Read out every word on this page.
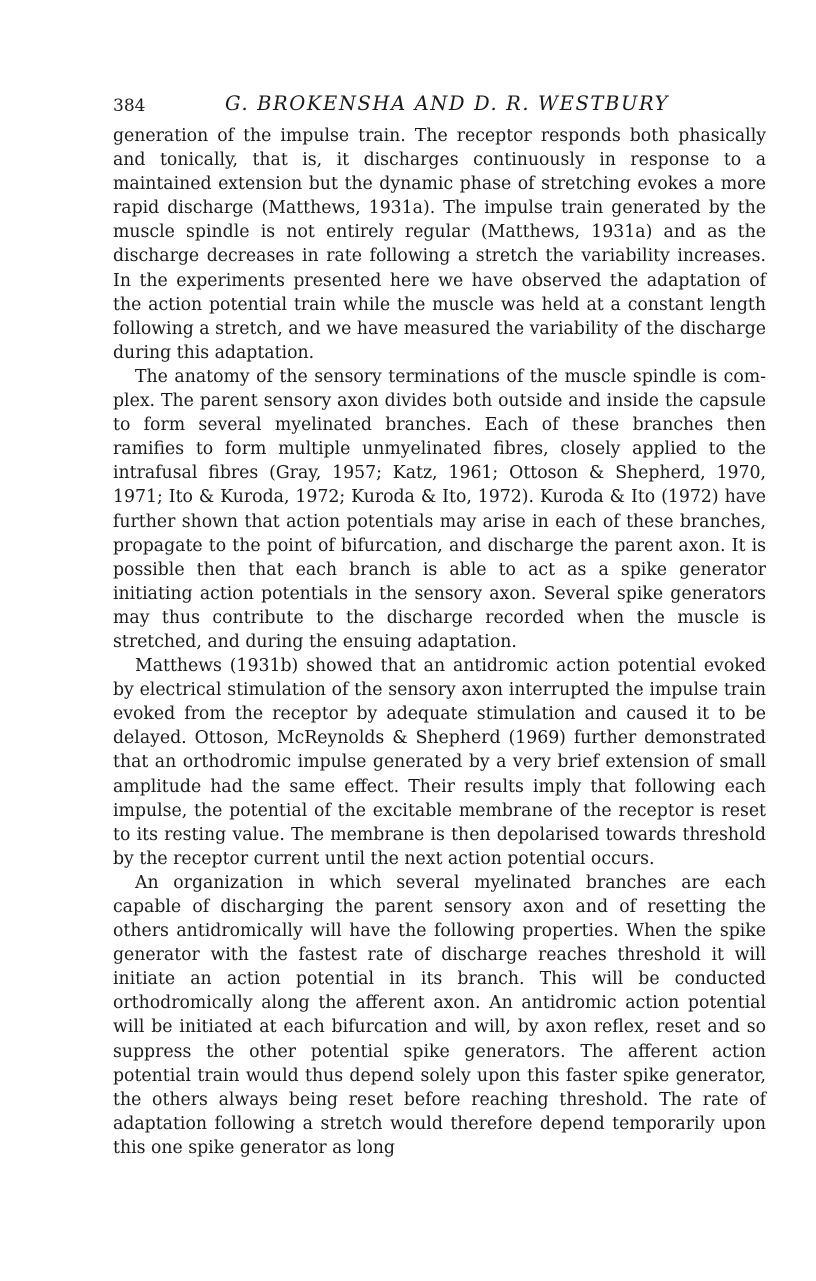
384	G. BROKENSHA AND D. R. WESTBURY

generation of the impulse train. The receptor responds both phasically and tonically, that is, it discharges continuously in response to a maintained extension but the dynamic phase of stretching evokes a more rapid discharge (Matthews, 1931a). The impulse train generated by the muscle spindle is not entirely regular (Matthews, 1931a) and as the discharge decreases in rate following a stretch the variability increases. In the experiments presented here we have observed the adaptation of the action potential train while the muscle was held at a constant length following a stretch, and we have measured the variability of the discharge during this adaptation.

The anatomy of the sensory terminations of the muscle spindle is complex. The parent sensory axon divides both outside and inside the capsule to form several myelinated branches. Each of these branches then ramifies to form multiple unmyelinated fibres, closely applied to the intrafusal fibres (Gray, 1957; Katz, 1961; Ottoson & Shepherd, 1970, 1971; Ito & Kuroda, 1972; Kuroda & Ito, 1972). Kuroda & Ito (1972) have further shown that action potentials may arise in each of these branches, propagate to the point of bifurcation, and discharge the parent axon. It is possible then that each branch is able to act as a spike generator initiating action potentials in the sensory axon. Several spike generators may thus contribute to the discharge recorded when the muscle is stretched, and during the ensuing adaptation.

Matthews (1931b) showed that an antidromic action potential evoked by electrical stimulation of the sensory axon interrupted the impulse train evoked from the receptor by adequate stimulation and caused it to be delayed. Ottoson, McReynolds & Shepherd (1969) further demonstrated that an orthodromic impulse generated by a very brief extension of small amplitude had the same effect. Their results imply that following each impulse, the potential of the excitable membrane of the receptor is reset to its resting value. The membrane is then depolarised towards threshold by the receptor current until the next action potential occurs.

An organization in which several myelinated branches are each capable of discharging the parent sensory axon and of resetting the others antidromically will have the following properties. When the spike generator with the fastest rate of discharge reaches threshold it will initiate an action potential in its branch. This will be conducted orthodromically along the afferent axon. An antidromic action potential will be initiated at each bifurcation and will, by axon reflex, reset and so suppress the other potential spike generators. The afferent action potential train would thus depend solely upon this faster spike generator, the others always being reset before reaching threshold. The rate of adaptation following a stretch would therefore depend temporarily upon this one spike generator as long
